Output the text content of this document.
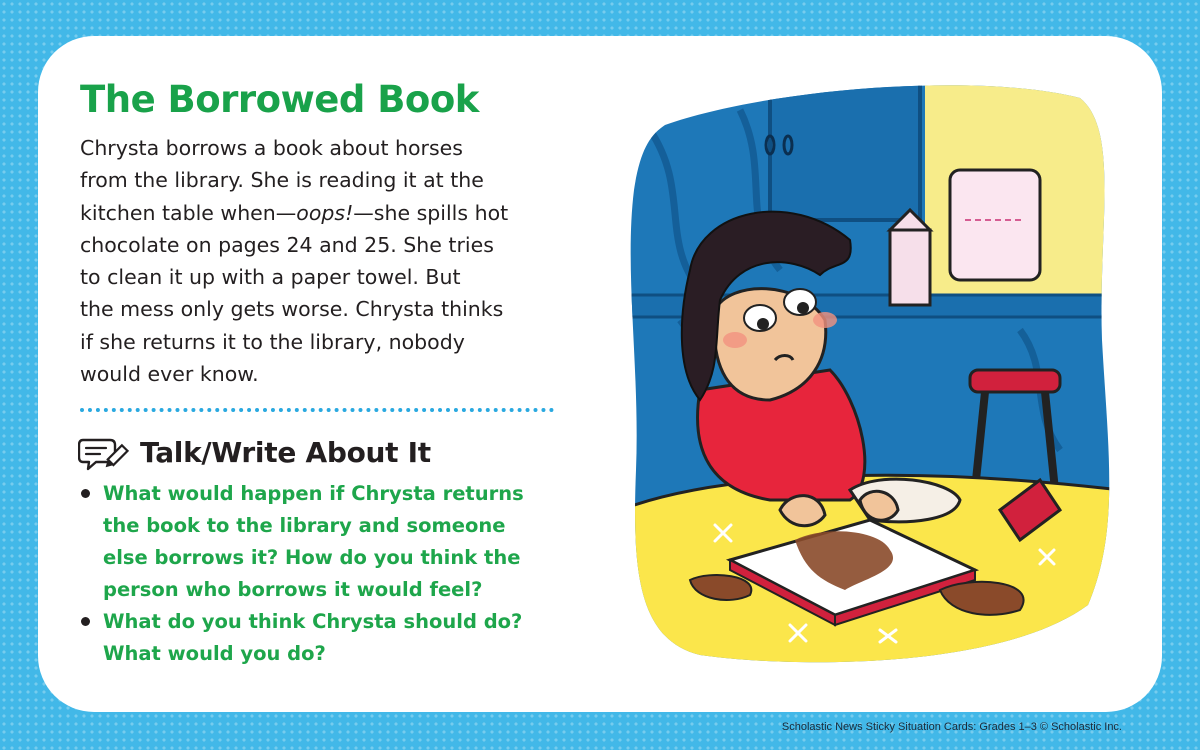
The Borrowed Book

Chrysta borrows a book about horses
from the library. She is reading it at the
kitchen table when—oops!—she spills hot
chocolate on pages 24 and 25. She tries
to clean it up with a paper towel. But
the mess only gets worse. Chrysta thinks
if she returns it to the library, nobody
would ever know.

Talk/Write About It
What would happen if Chrysta returns
the book to the library and someone
else borrows it? How do you think the
person who borrows it would feel?
What do you think Chrysta should do?
What would you do?

Scholastic News Sticky Situation Cards: Grades 1–3 © Scholastic Inc.
